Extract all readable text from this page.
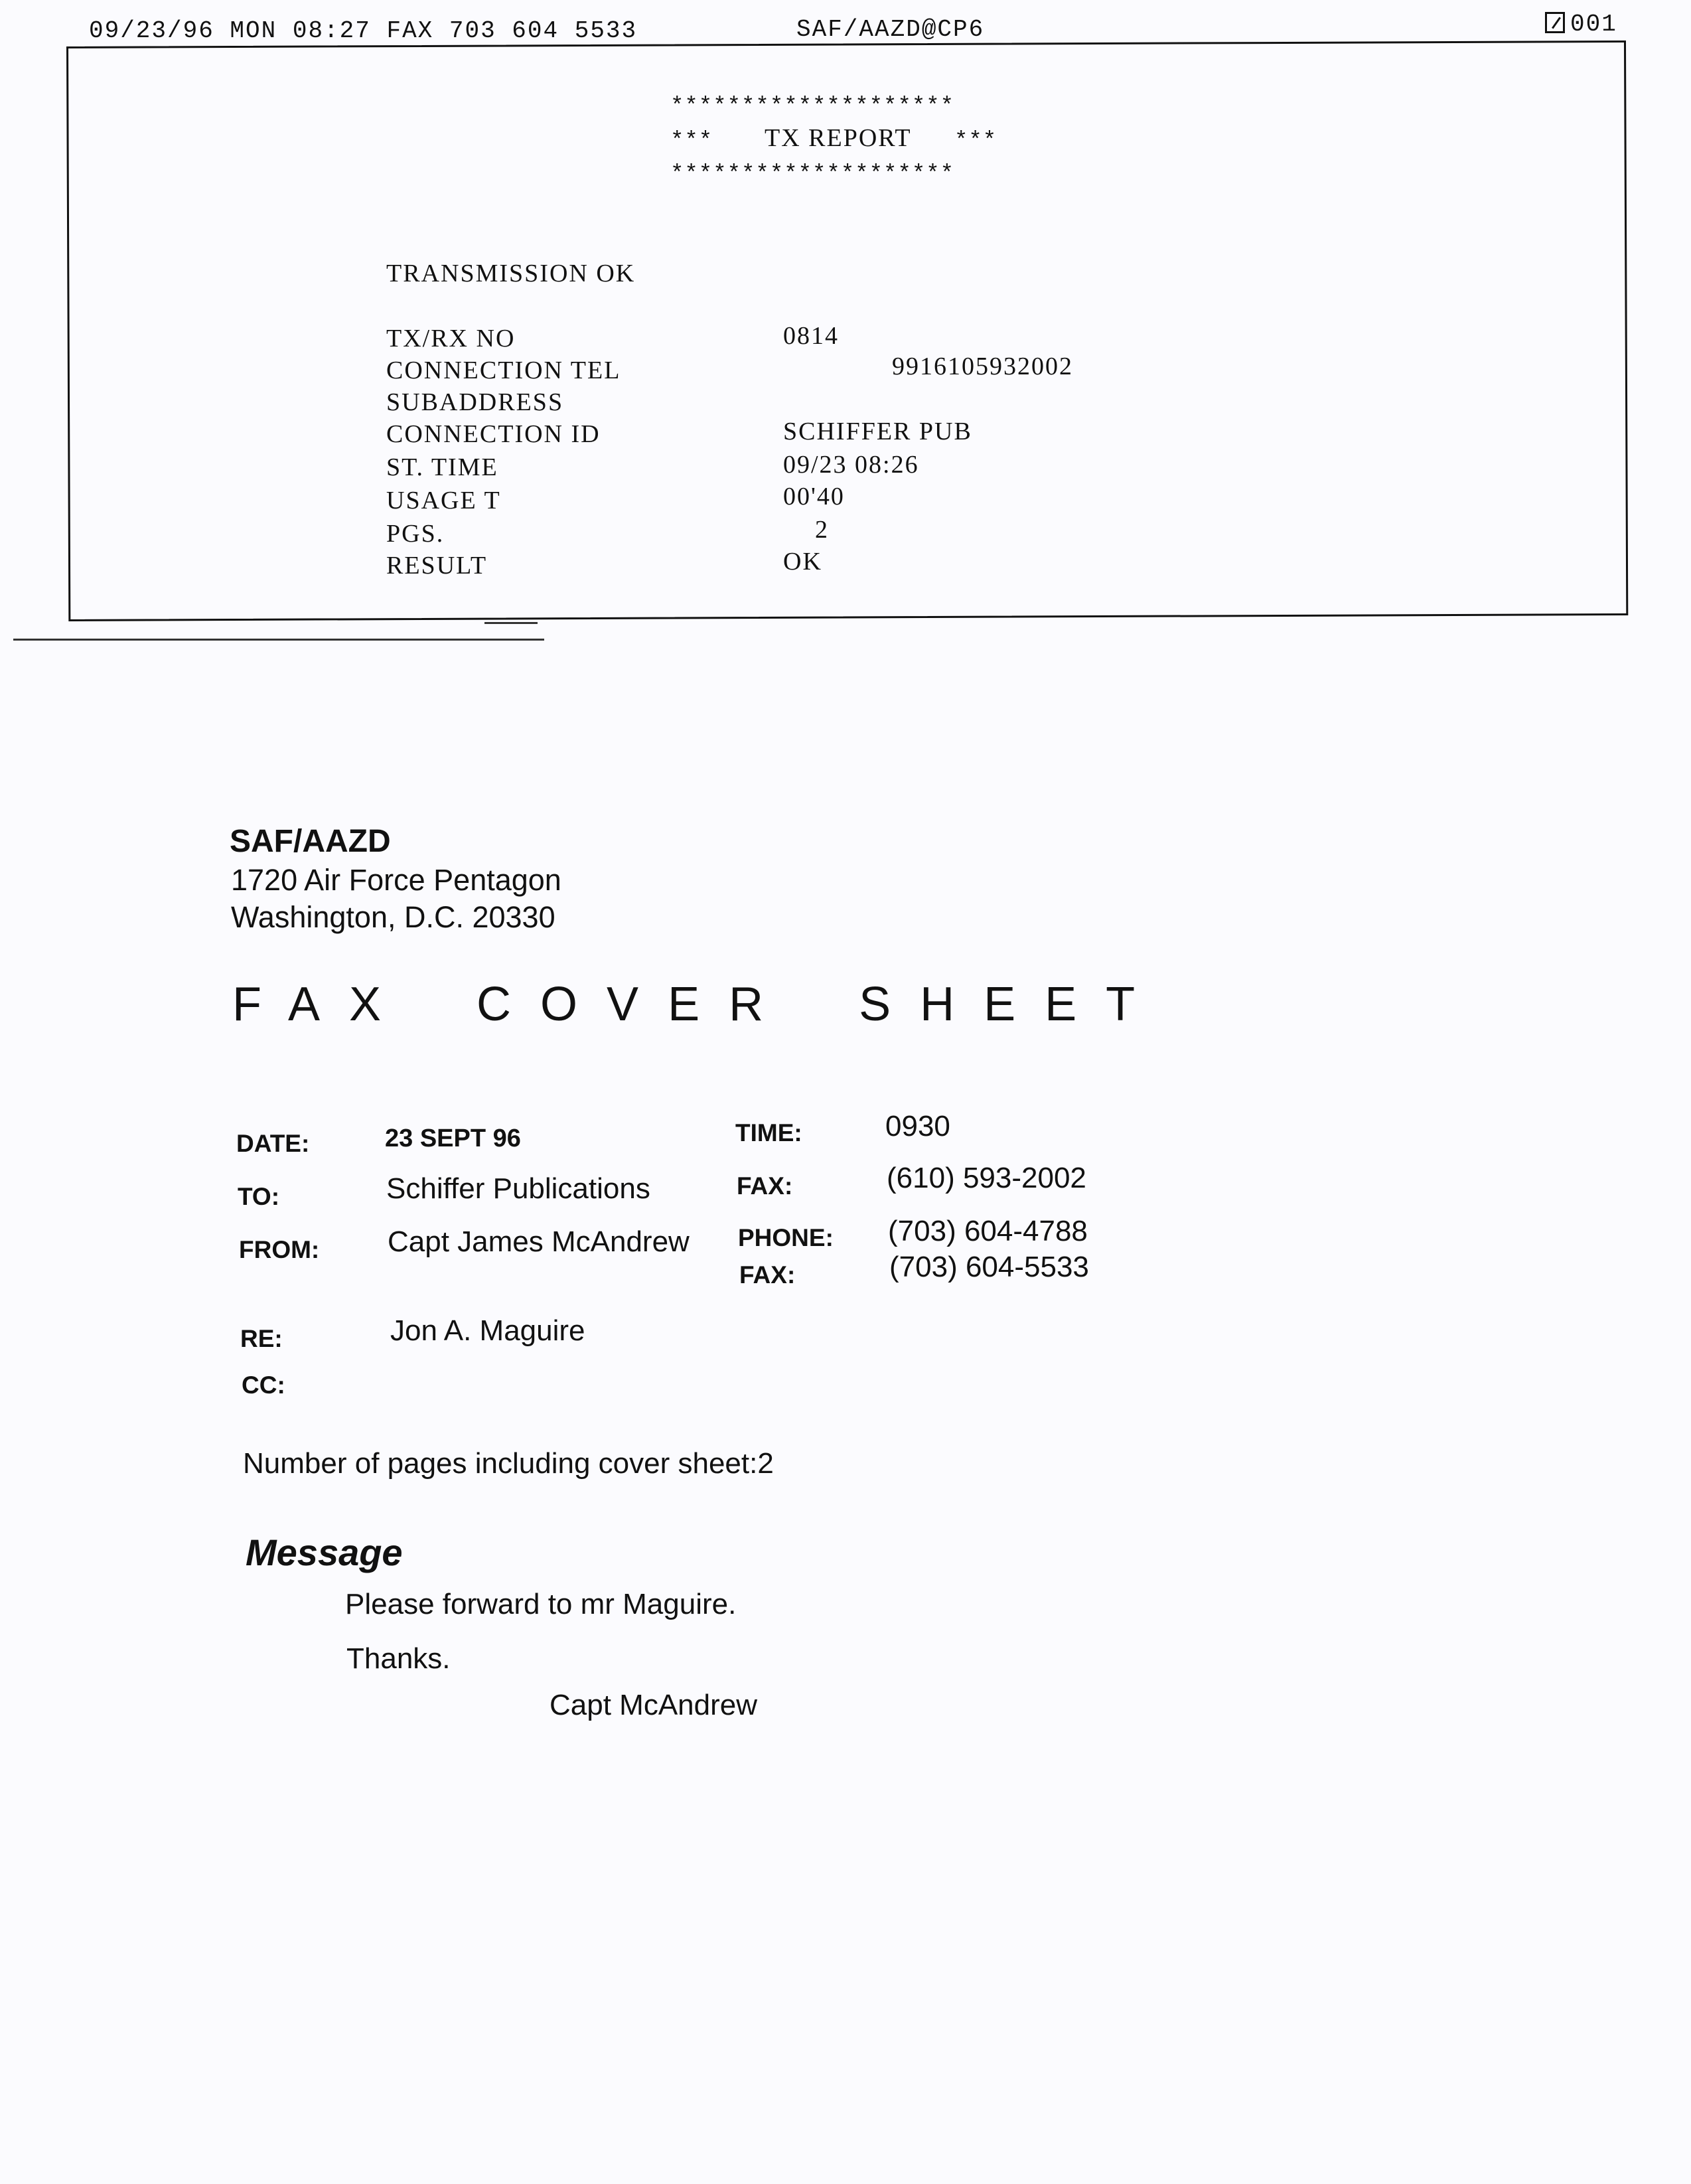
09/23/96 MON 08:27 FAX 703 604 5533	SAF/AAZD@CP6	001
********************
*** TX REPORT ***
********************
TRANSMISSION OK
TX/RX NO	0814
CONNECTION TEL	9916105932002
SUBADDRESS
CONNECTION ID	SCHIFFER PUB
ST. TIME	09/23 08:26
USAGE T	00'40
PGS.	2
RESULT	OK
SAF/AAZD
1720 Air Force Pentagon
Washington, D.C. 20330
FAX COVER SHEET
DATE:	23 SEPT 96	TIME:	0930
TO:	Schiffer Publications	FAX:	(610) 593-2002
FROM: Capt James McAndrew PHONE: (703) 604-4788
FAX:	(703) 604-5533
RE:	Jon A. Maguire
CC:
Number of pages including cover sheet:2
Message
Please forward to mr Maguire.
Thanks.
Capt McAndrew
